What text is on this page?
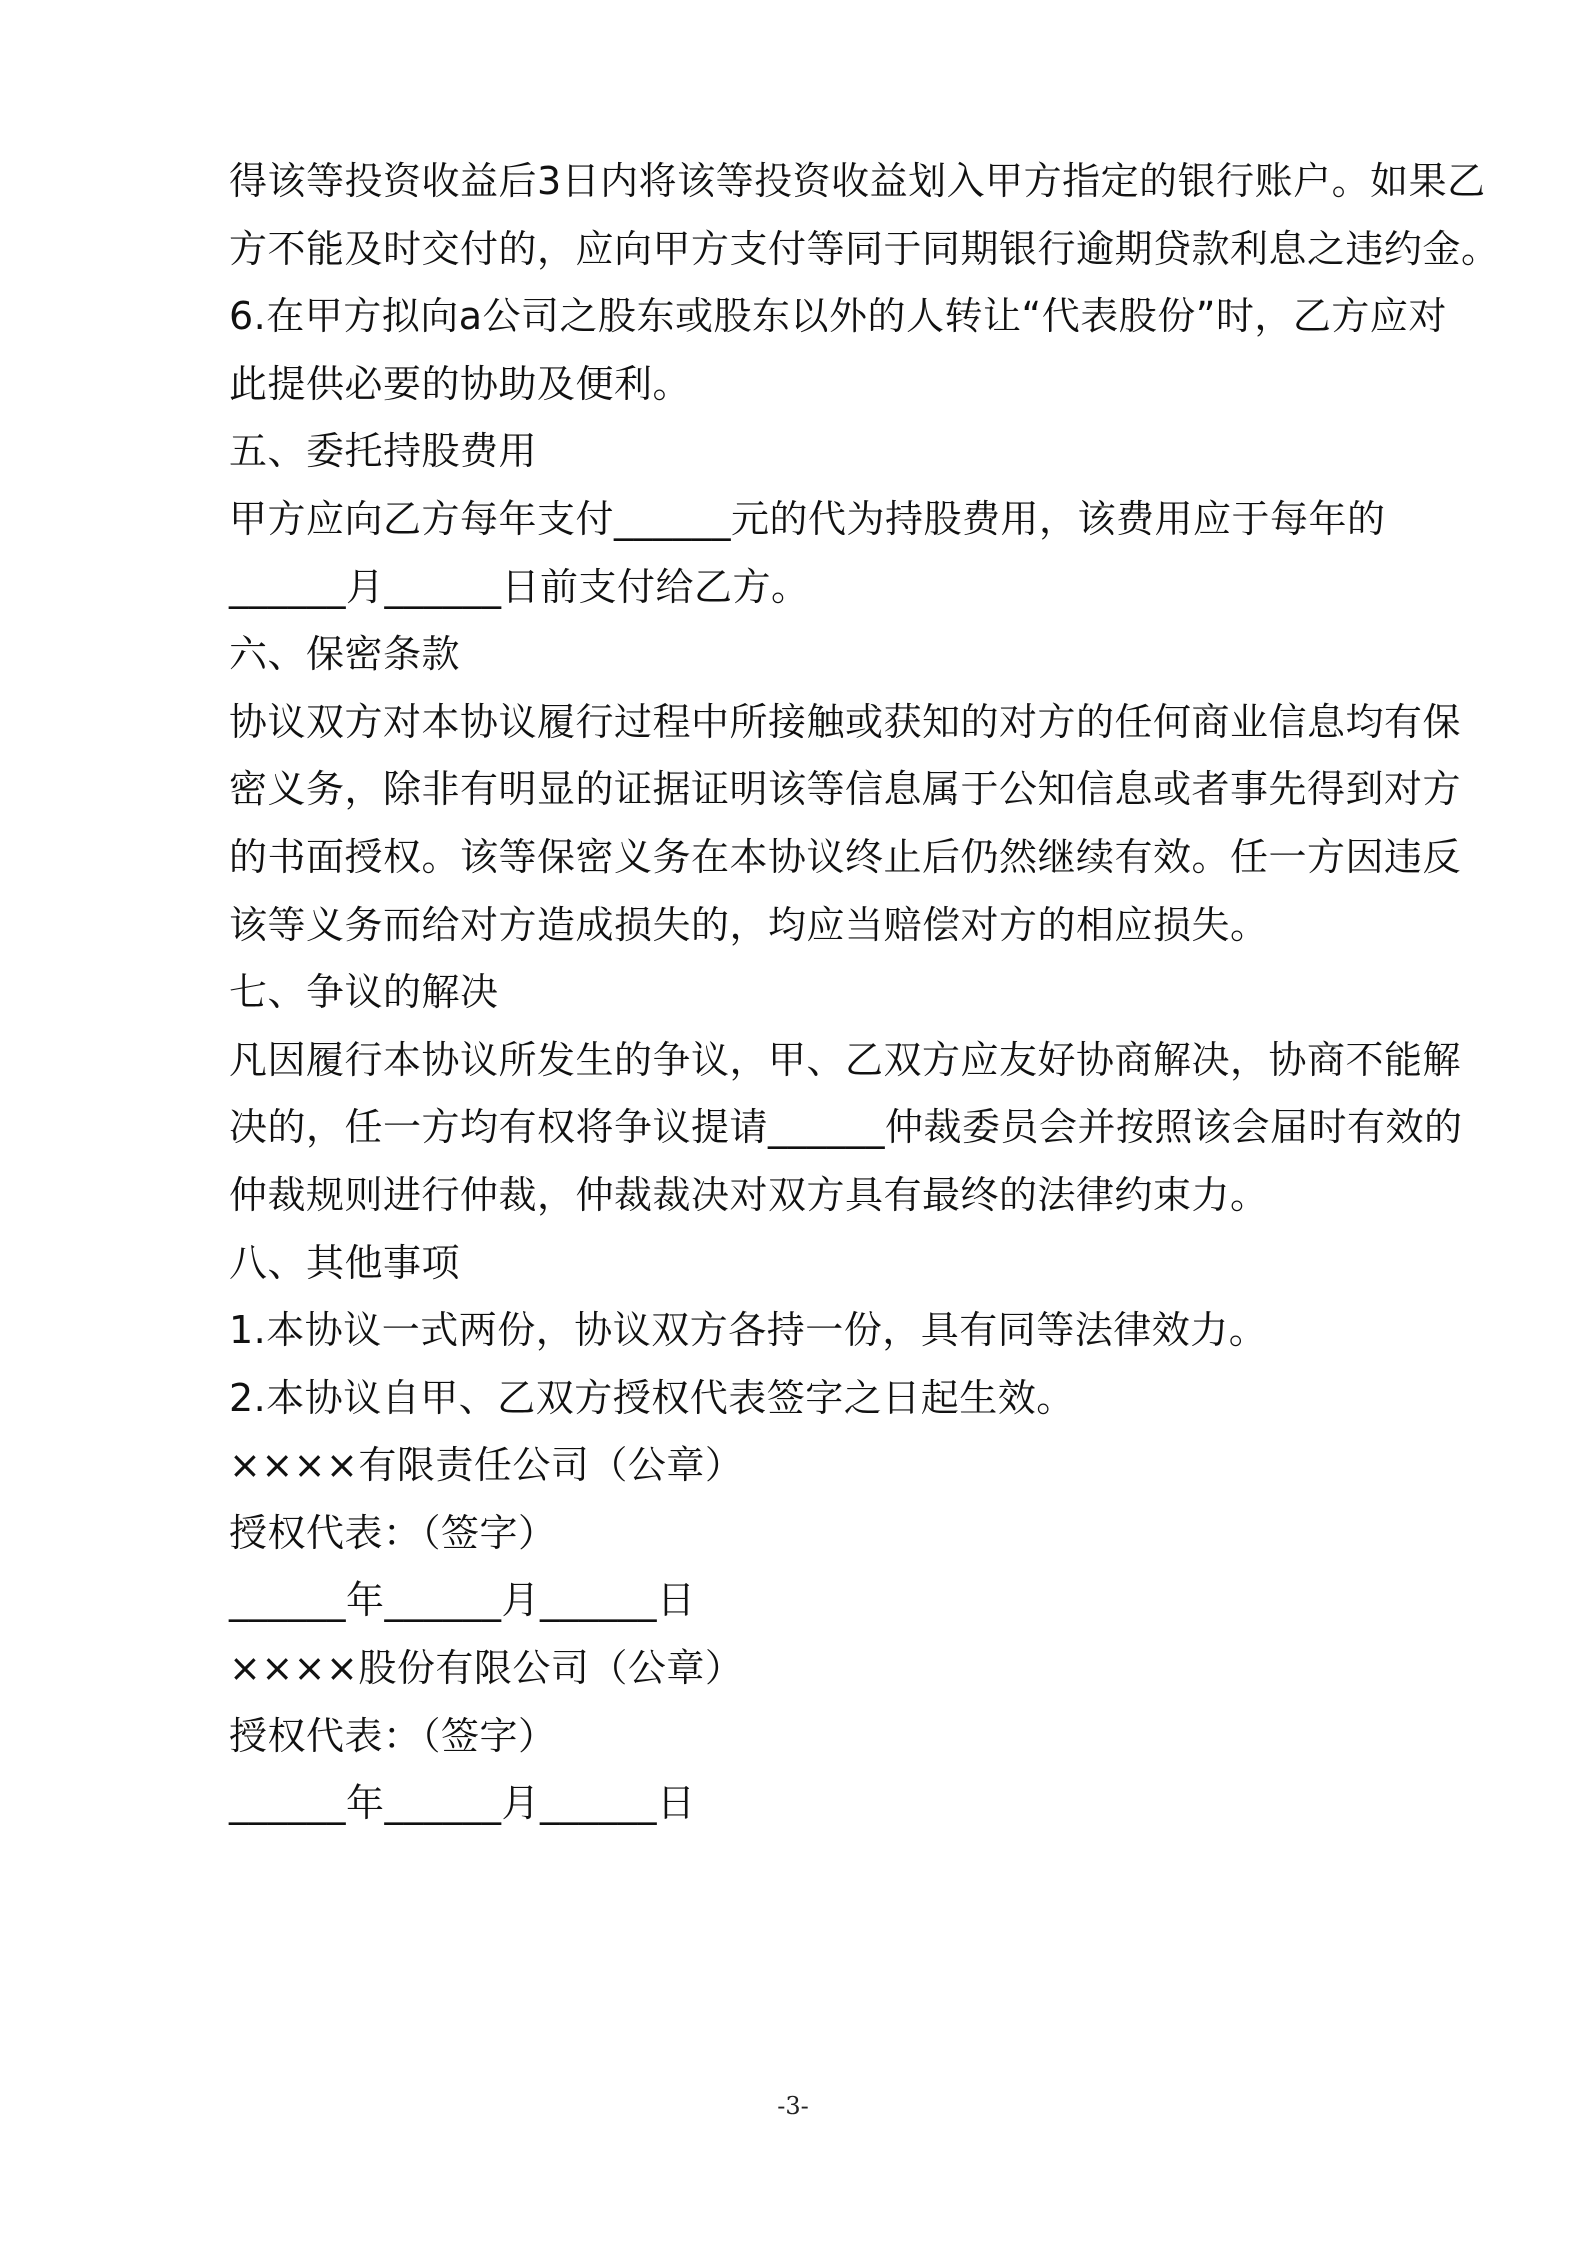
得该等投资收益后3日内将该等投资收益划入甲方指定的银行账户。如果乙
方不能及时交付的，应向甲方支付等同于同期银行逾期贷款利息之违约金。
6.在甲方拟向a公司之股东或股东以外的人转让“代表股份”时，乙方应对
此提供必要的协助及便利。
五、委托持股费用
甲方应向乙方每年支付______元的代为持股费用，该费用应于每年的
______月______日前支付给乙方。
六、保密条款
协议双方对本协议履行过程中所接触或获知的对方的任何商业信息均有保
密义务，除非有明显的证据证明该等信息属于公知信息或者事先得到对方
的书面授权。该等保密义务在本协议终止后仍然继续有效。任一方因违反
该等义务而给对方造成损失的，均应当赔偿对方的相应损失。
七、争议的解决
凡因履行本协议所发生的争议，甲、乙双方应友好协商解决，协商不能解
决的，任一方均有权将争议提请______仲裁委员会并按照该会届时有效的
仲裁规则进行仲裁，仲裁裁决对双方具有最终的法律约束力。
八、其他事项
1.本协议一式两份，协议双方各持一份，具有同等法律效力。
2.本协议自甲、乙双方授权代表签字之日起生效。
××××有限责任公司（公章）
授权代表：（签字）
______年______月______日
××××股份有限公司（公章）
授权代表：（签字）
______年______月______日
-3-
